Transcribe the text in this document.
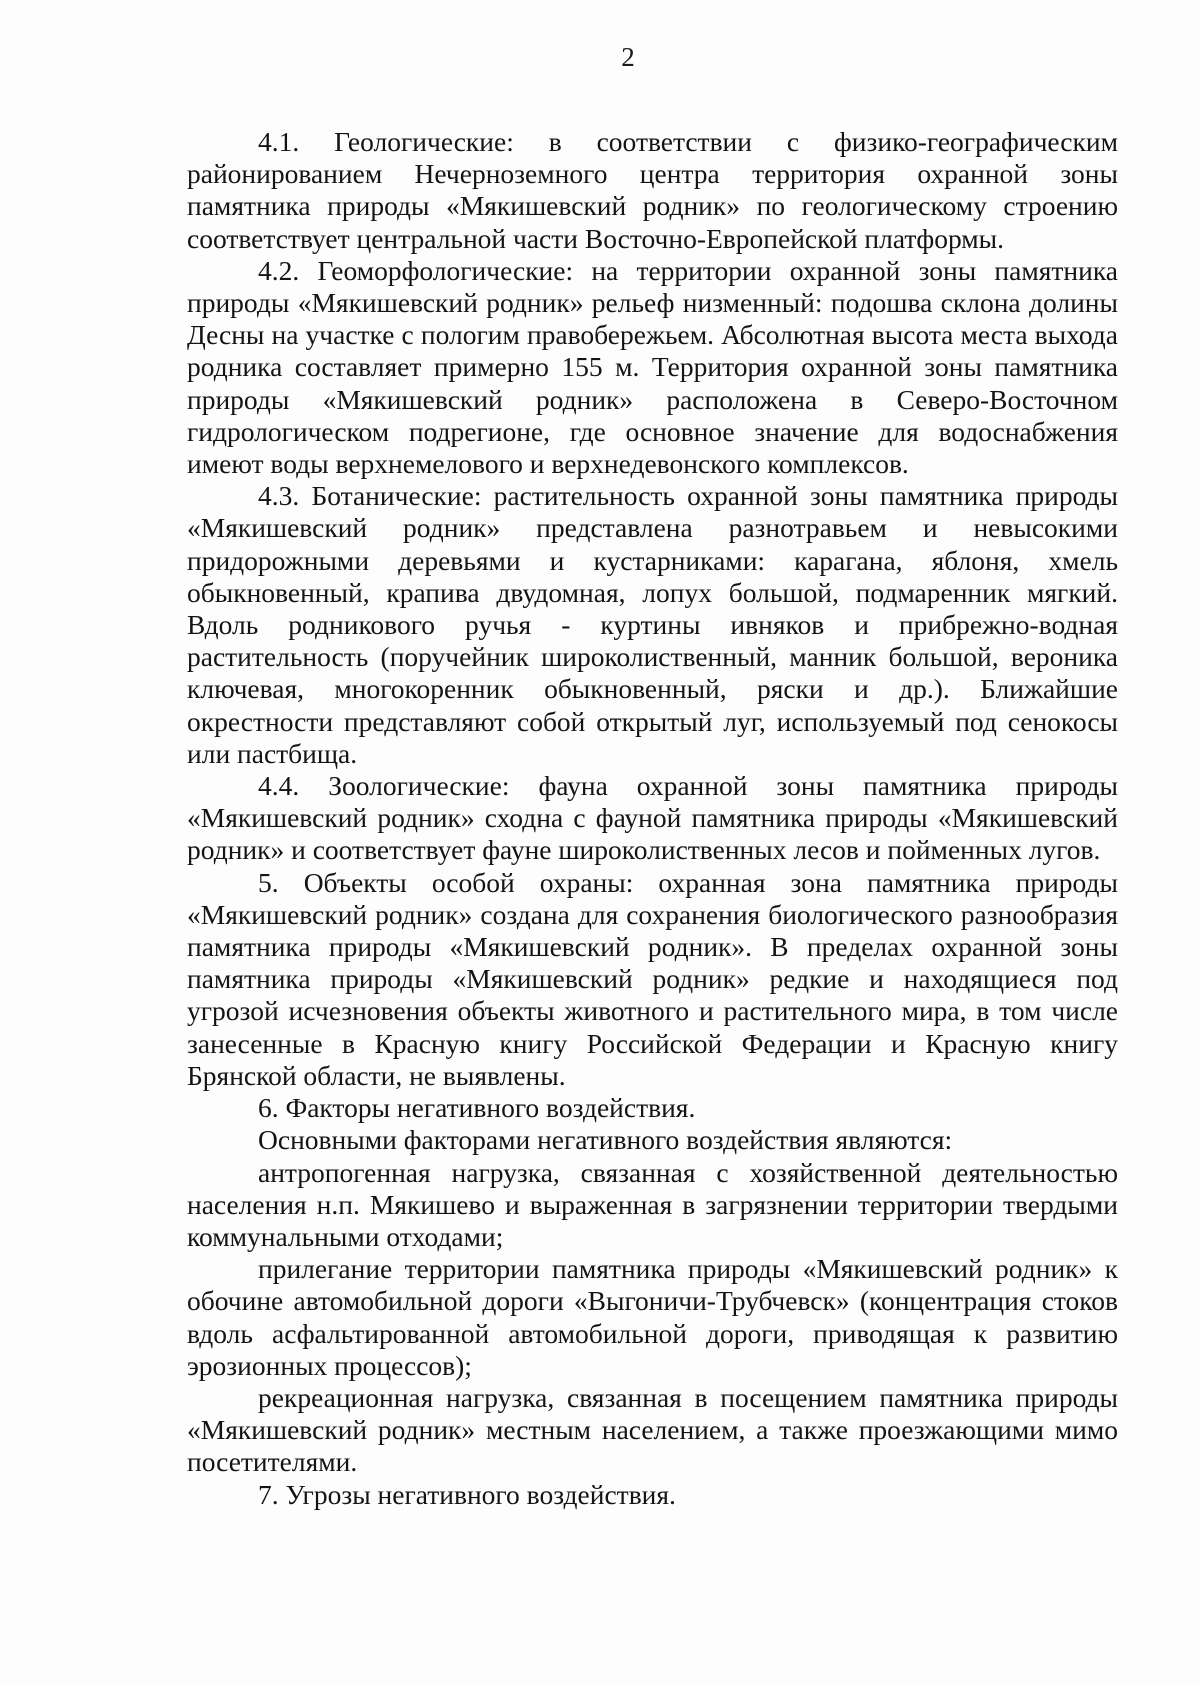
2

4.1. Геологические: в соответствии с физико-географическим районированием Нечерноземного центра территория охранной зоны памятника природы «Мякишевский родник» по геологическому строению соответствует центральной части Восточно-Европейской платформы.

4.2. Геоморфологические: на территории охранной зоны памятника природы «Мякишевский родник» рельеф низменный: подошва склона долины Десны на участке с пологим правобережьем. Абсолютная высота места выхода родника составляет примерно 155 м. Территория охранной зоны памятника природы «Мякишевский родник» расположена в Северо-Восточном гидрологическом подрегионе, где основное значение для водоснабжения имеют воды верхнемелового и верхнедевонского комплексов.

4.3. Ботанические: растительность охранной зоны памятника природы «Мякишевский родник» представлена разнотравьем и невысокими придорожными деревьями и кустарниками: карагана, яблоня, хмель обыкновенный, крапива двудомная, лопух большой, подмаренник мягкий. Вдоль родникового ручья - куртины ивняков и прибрежно-водная растительность (поручейник широколиственный, манник большой, вероника ключевая, многокоренник обыкновенный, ряски и др.). Ближайшие окрестности представляют собой открытый луг, используемый под сенокосы или пастбища.

4.4. Зоологические: фауна охранной зоны памятника природы «Мякишевский родник» сходна с фауной памятника природы «Мякишевский родник» и соответствует фауне широколиственных лесов и пойменных лугов.

5. Объекты особой охраны: охранная зона памятника природы «Мякишевский родник» создана для сохранения биологического разнообразия памятника природы «Мякишевский родник». В пределах охранной зоны памятника природы «Мякишевский родник» редкие и находящиеся под угрозой исчезновения объекты животного и растительного мира, в том числе занесенные в Красную книгу Российской Федерации и Красную книгу Брянской области, не выявлены.

6. Факторы негативного воздействия.

Основными факторами негативного воздействия являются:

антропогенная нагрузка, связанная с хозяйственной деятельностью населения н.п. Мякишево и выраженная в загрязнении территории твердыми коммунальными отходами;

прилегание территории памятника природы «Мякишевский родник» к обочине автомобильной дороги «Выгоничи-Трубчевск» (концентрация стоков вдоль асфальтированной автомобильной дороги, приводящая к развитию эрозионных процессов);

рекреационная нагрузка, связанная в посещением памятника природы «Мякишевский родник» местным населением, а также проезжающими мимо посетителями.

7. Угрозы негативного воздействия.
